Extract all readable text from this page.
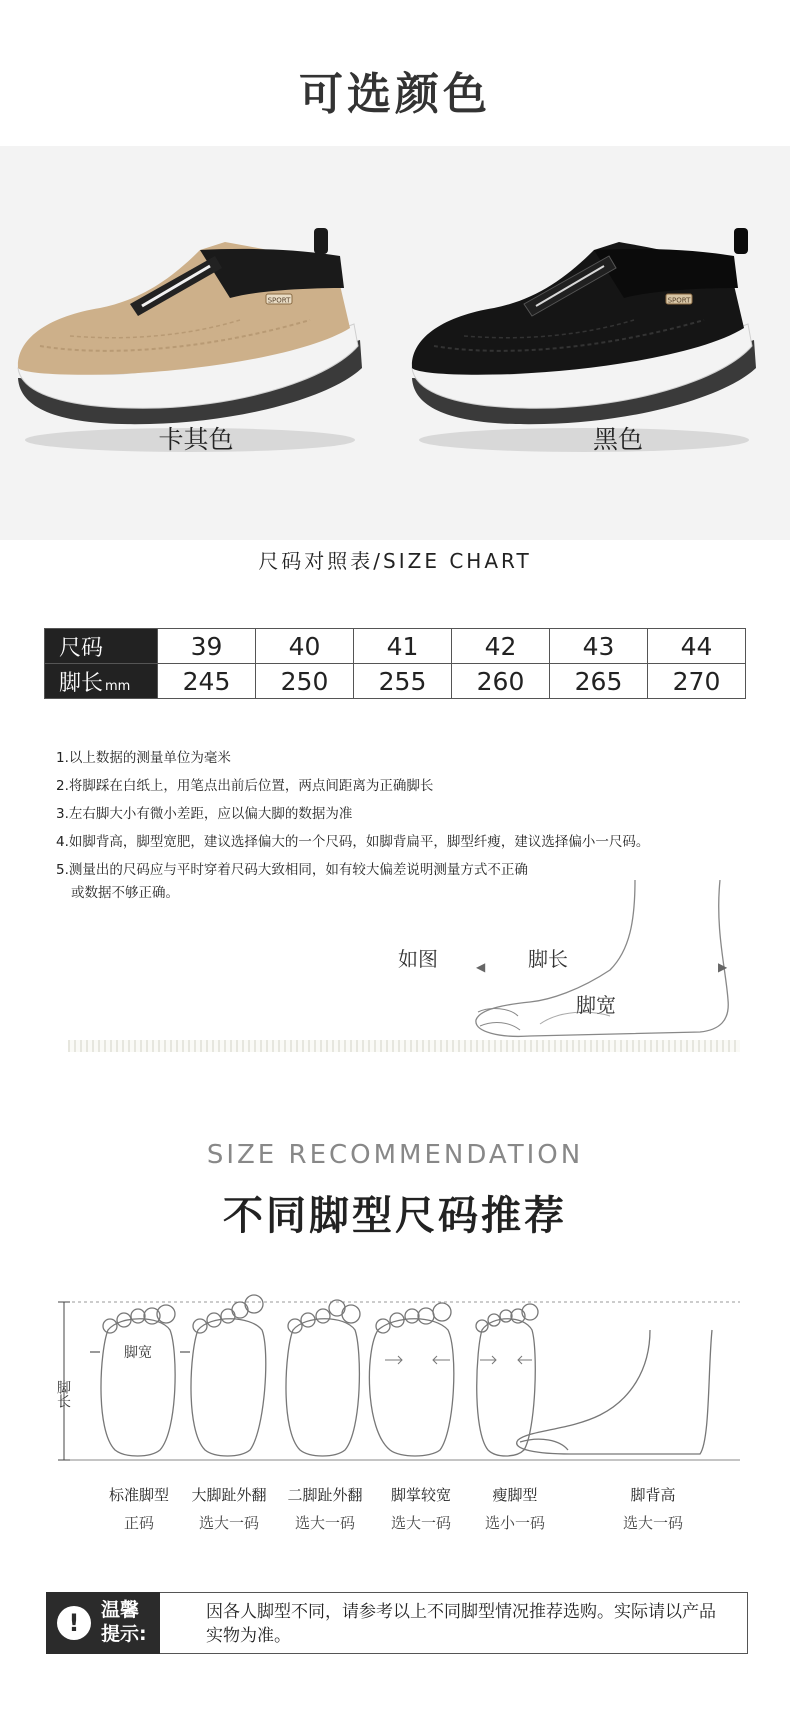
可选颜色
SPORT
卡其色
SPORT
黑色
尺码对照表/SIZE CHART
尺码	39	40	41	42	43	44
脚长 mm	245	250	255	260	265	270
1.以上数据的测量单位为毫米
2.将脚踩在白纸上，用笔点出前后位置，两点间距离为正确脚长
3.左右脚大小有微小差距，应以偏大脚的数据为准
4.如脚背高，脚型宽肥，建议选择偏大的一个尺码，如脚背扁平，脚型纤瘦，建议选择偏小一尺码。
5.测量出的尺码应与平时穿着尺码大致相同，如有较大偏差说明测量方式不正确
或数据不够正确。
◀	▶
如图	脚长
脚宽
SIZE RECOMMENDATION
不同脚型尺码推荐
脚长
脚宽
标准脚型
正码
大脚趾外翻
选大一码
二脚趾外翻
选大一码
脚掌较宽
选大一码
瘦脚型
选小一码
脚背高
选大一码
!	温馨提示:
因各人脚型不同，请参考以上不同脚型情况推荐选购。实际请以产品实物为准。
